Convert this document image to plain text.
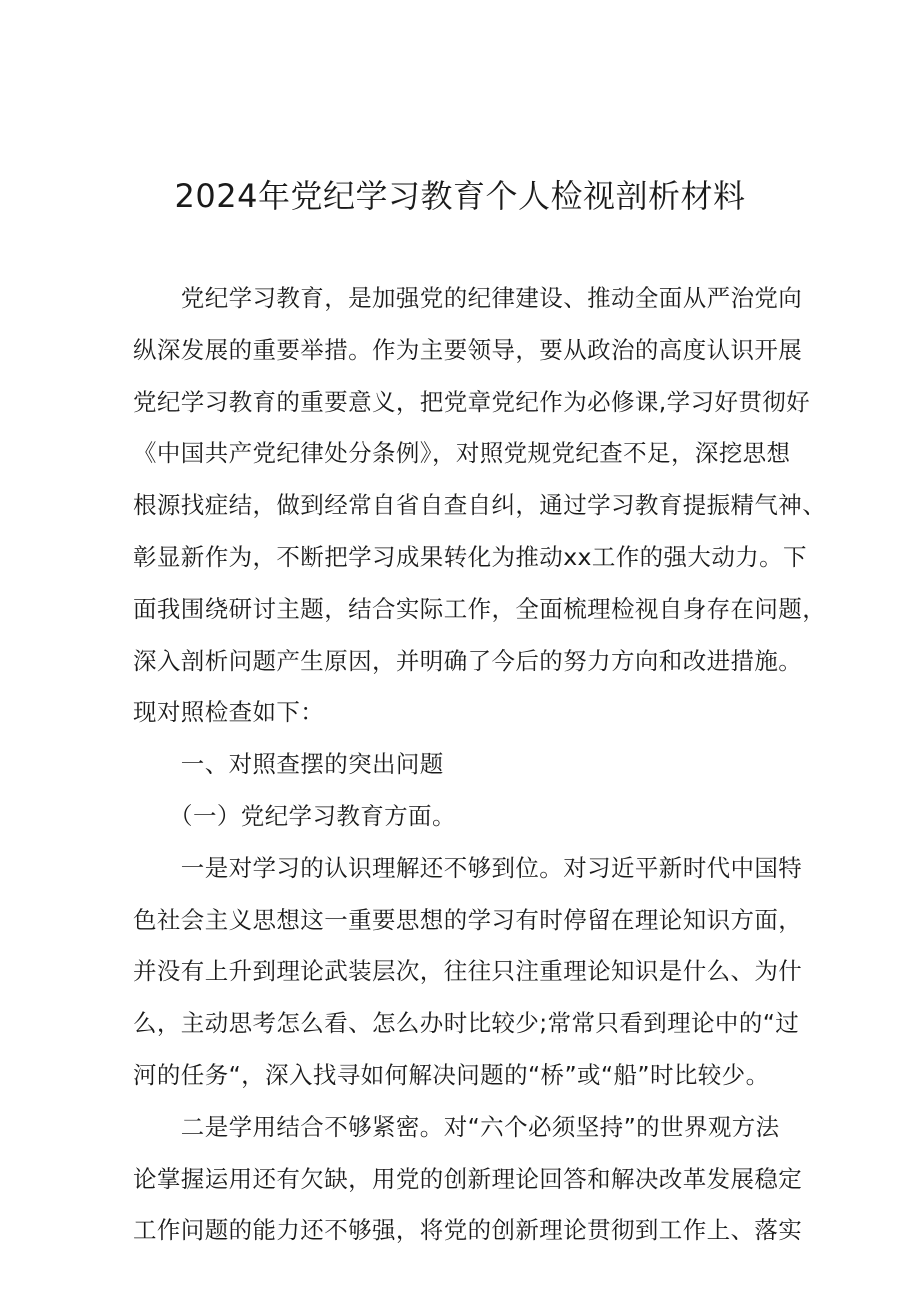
2024年党纪学习教育个人检视剖析材料
　　党纪学习教育，是加强党的纪律建设、推动全面从严治党向
纵深发展的重要举措。作为主要领导，要从政治的高度认识开展
党纪学习教育的重要意义，把党章党纪作为必修课,学习好贯彻好
《中国共产党纪律处分条例》，对照党规党纪查不足，深挖思想
根源找症结，做到经常自省自查自纠，通过学习教育提振精气神、
彰显新作为，不断把学习成果转化为推动xx工作的强大动力。下
面我围绕研讨主题，结合实际工作，全面梳理检视自身存在问题，
深入剖析问题产生原因，并明确了今后的努力方向和改进措施。
现对照检查如下：
　　一、对照查摆的突出问题
　　（一）党纪学习教育方面。
　　一是对学习的认识理解还不够到位。对习近平新时代中国特
色社会主义思想这一重要思想的学习有时停留在理论知识方面，
并没有上升到理论武装层次，往往只注重理论知识是什么、为什
么，主动思考怎么看、怎么办时比较少;常常只看到理论中的“过
河的任务“，深入找寻如何解决问题的“桥”或“船”时比较少。
　　二是学用结合不够紧密。对“六个必须坚持”的世界观方法
论掌握运用还有欠缺，用党的创新理论回答和解决改革发展稳定
工作问题的能力还不够强，将党的创新理论贯彻到工作上、落实
